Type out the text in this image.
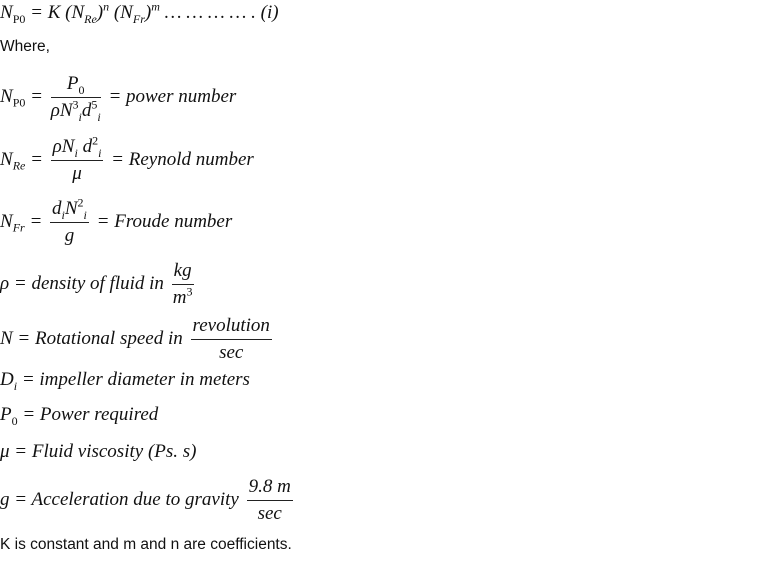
$N_{P0} = K$ $(N_{Re})^n$ $(N_{Fr})^m$ … … … … . (i)
Where,
$N_{P0} = \frac{P_0}{\rho N^3_id^5_i}$ = power number
$N_{Re} = \frac{\rho N_i d^2_i}{\mu}$ = Reynold number
$N_{Fr} = \frac{d_iN^2_i}{g}$ = Froude number
ρ = density of fluid in $\frac{kg}{m^3}$
N = Rotational speed in $\frac{\text{revolution}}{\sec}$
$D_i$ = impeller diameter in meters
$P_0$ = Power required
μ = Fluid viscosity (Ps. s)
g = Acceleration due to gravity $\frac{9.8 m}{\sec}$
K is constant and m and n are coefficients.
